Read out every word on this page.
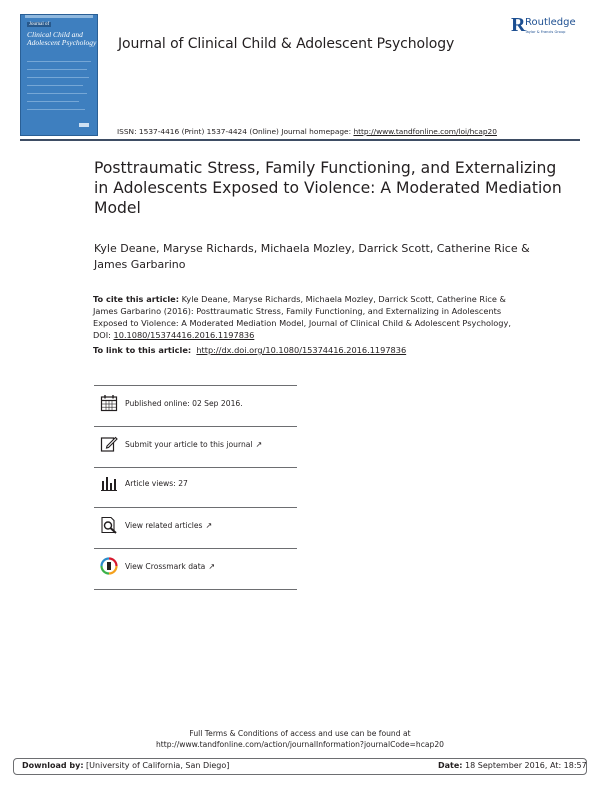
Journal of
Clinical Child and Adolescent Psychology Journal of Clinical Child & Adolescent Psychology
ISSN: 1537-4416 (Print) 1537-4424 (Online) Journal homepage: http://www.tandfonline.com/loi/hcap20
R Routledge
Taylor & Francis Group
Posttraumatic Stress, Family Functioning, and Externalizing in Adolescents Exposed to Violence: A Moderated Mediation Model
Kyle Deane, Maryse Richards, Michaela Mozley, Darrick Scott, Catherine Rice & James Garbarino
To cite this article: Kyle Deane, Maryse Richards, Michaela Mozley, Darrick Scott, Catherine Rice & James Garbarino (2016): Posttraumatic Stress, Family Functioning, and Externalizing in Adolescents Exposed to Violence: A Moderated Mediation Model, Journal of Clinical Child & Adolescent Psychology, DOI: 10.1080/15374416.2016.1197836
To link to this article: http://dx.doi.org/10.1080/15374416.2016.1197836
Published online: 02 Sep 2016.
Submit your article to this journal ↗
Article views: 27
View related articles ↗
View Crossmark data ↗
Full Terms & Conditions of access and use can be found at
http://www.tandfonline.com/action/journalInformation?journalCode=hcap20
Download by: [University of California, San Diego]	Date: 18 September 2016, At: 18:57
